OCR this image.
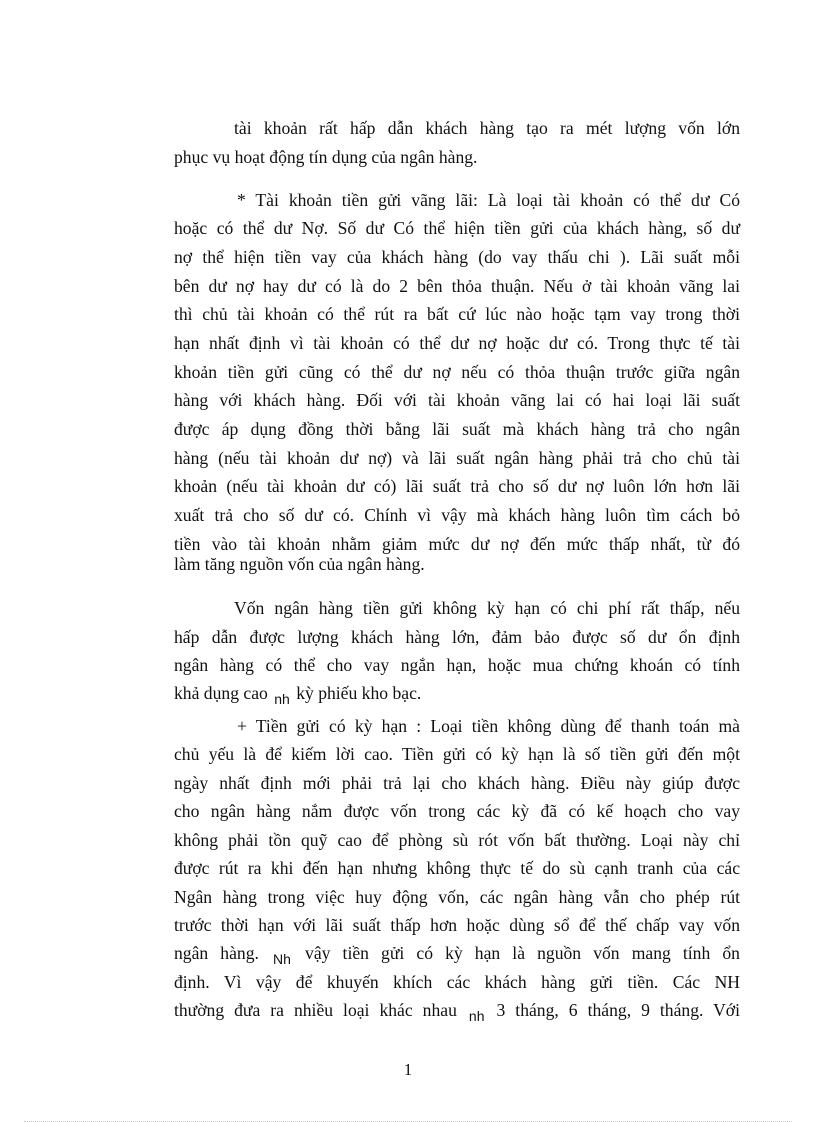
tài khoản rất hấp dẫn khách hàng tạo ra mét lượng vốn lớn
phục vụ hoạt động tín dụng của ngân hàng.
* Tài khoản tiền gửi vãng lãi: Là loại tài khoản có thể dư Có
hoặc có thể dư Nợ. Số dư Có thể hiện tiền gửi của khách hàng, số dư
nợ thể hiện tiền vay của khách hàng (do vay thấu chi ). Lãi suất mỗi
bên dư nợ hay dư có là do 2 bên thỏa thuận. Nếu ở tài khoản vãng lai
thì chủ tài khoản có thể rút ra bất cứ lúc nào hoặc tạm vay trong thời
hạn nhất định vì tài khoản có thể dư nợ hoặc dư có. Trong thực tế tài
khoản tiền gửi cũng có thể dư nợ nếu có thỏa thuận trước giữa ngân
hàng với khách hàng. Đối với tài khoản vãng lai có hai loại lãi suất
được áp dụng đồng thời bằng lãi suất mà khách hàng trả cho ngân
hàng (nếu tài khoản dư nợ) và lãi suất ngân hàng phải trả cho chủ tài
khoản (nếu tài khoản dư có) lãi suất trả cho số dư nợ luôn lớn hơn lãi
xuất trả cho số dư có. Chính vì vậy mà khách hàng luôn tìm cách bỏ
tiền vào tài khoản nhằm giảm mức dư nợ đến mức thấp nhất, từ đó
làm tăng nguồn vốn của ngân hàng.
Vốn ngân hàng tiền gửi không kỳ hạn có chi phí rất thấp, nếu
hấp dẫn được lượng khách hàng lớn, đảm bảo được số dư ổn định
ngân hàng có thể cho vay ngắn hạn, hoặc mua chứng khoán có tính
khả dụng cao $_{nh}$ kỳ phiếu kho bạc.
+ Tiền gửi có kỳ hạn : Loại tiền không dùng để thanh toán mà
chủ yếu là để kiếm lời cao. Tiền gửi có kỳ hạn là số tiền gửi đến một
ngày nhất định mới phải trả lại cho khách hàng. Điều này giúp được
cho ngân hàng nắm được vốn trong các kỳ đã có kế hoạch cho vay
không phải tồn quỹ cao để phòng sù rót vốn bất thường. Loại này chỉ
được rút ra khi đến hạn nhưng không thực tế do sù cạnh tranh của các
Ngân hàng trong việc huy động vốn, các ngân hàng vẫn cho phép rút
trước thời hạn với lãi suất thấp hơn hoặc dùng sổ để thế chấp vay vốn
ngân hàng. $_{Nh}$ vậy tiền gửi có kỳ hạn là nguồn vốn mang tính ổn
định. Vì vậy để khuyến khích các khách hàng gửi tiền. Các NH
thường đưa ra nhiều loại khác nhau $_{nh}$ 3 tháng, 6 tháng, 9 tháng. Với
1
